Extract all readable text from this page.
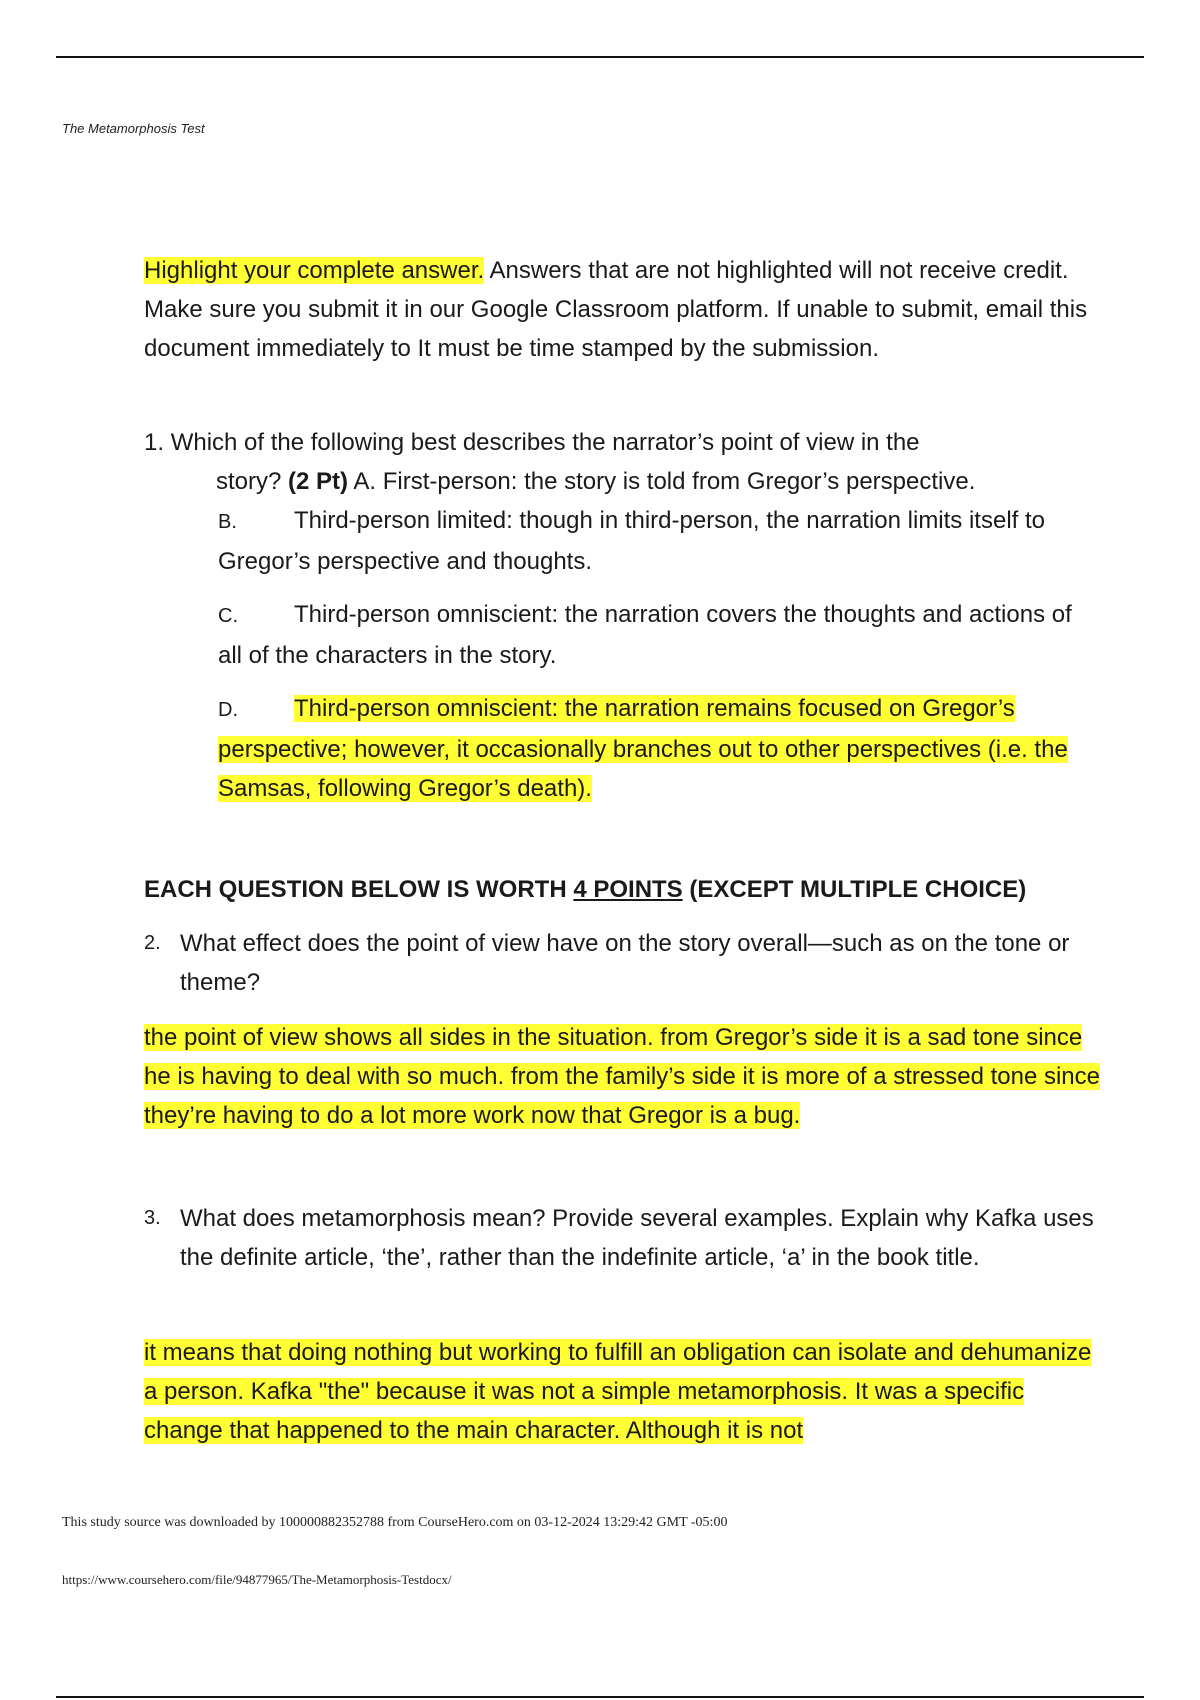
The Metamorphosis Test

Highlight your complete answer. Answers that are not highlighted will not receive credit. Make sure you submit it in our Google Classroom platform. If unable to submit, email this document immediately to It must be time stamped by the submission.

1. Which of the following best describes the narrator’s point of view in the
story? (2 Pt) A. First-person: the story is told from Gregor’s perspective.

B. Third-person limited: though in third-person, the narration limits itself to Gregor’s perspective and thoughts.

C. Third-person omniscient: the narration covers the thoughts and actions of all of the characters in the story.

D. Third-person omniscient: the narration remains focused on Gregor’s perspective; however, it occasionally branches out to other perspectives (i.e. the Samsas, following Gregor’s death).

EACH QUESTION BELOW IS WORTH 4 POINTS (EXCEPT MULTIPLE CHOICE)
2. What effect does the point of view have on the story overall—such as on the tone or theme?
the point of view shows all sides in the situation. from Gregor’s side it is a sad tone since he is having to deal with so much. from the family’s side it is more of a stressed tone since they’re having to do a lot more work now that Gregor is a bug.
3. What does metamorphosis mean? Provide several examples. Explain why Kafka uses the definite article, ‘the’, rather than the indefinite article, ‘a’ in the book title.
it means that doing nothing but working to fulfill an obligation can isolate and dehumanize a person. Kafka "the" because it was not a simple metamorphosis. It was a specific change that happened to the main character. Although it is not
This study source was downloaded by 100000882352788 from CourseHero.com on 03-12-2024 13:29:42 GMT -05:00
https://www.coursehero.com/file/94877965/The-Metamorphosis-Testdocx/
